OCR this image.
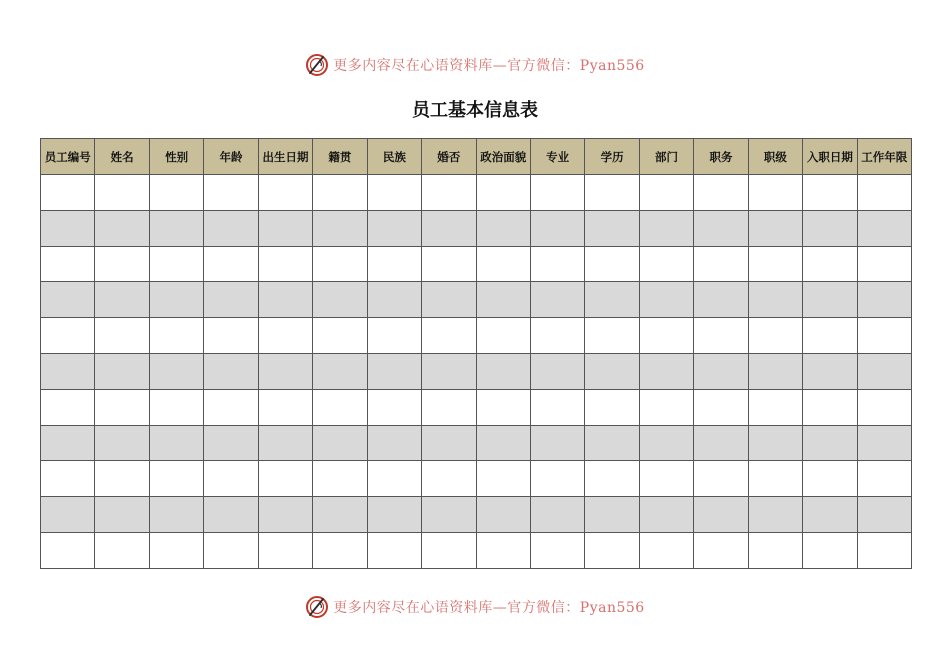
更多内容尽在心语资料库—官方微信：Pyan556
员工基本信息表
员工编号	姓名	性别	年龄	出生日期	籍贯	民族	婚否	政治面貌	专业	学历	部门	职务	职级	入职日期	工作年限

更多内容尽在心语资料库—官方微信：Pyan556
